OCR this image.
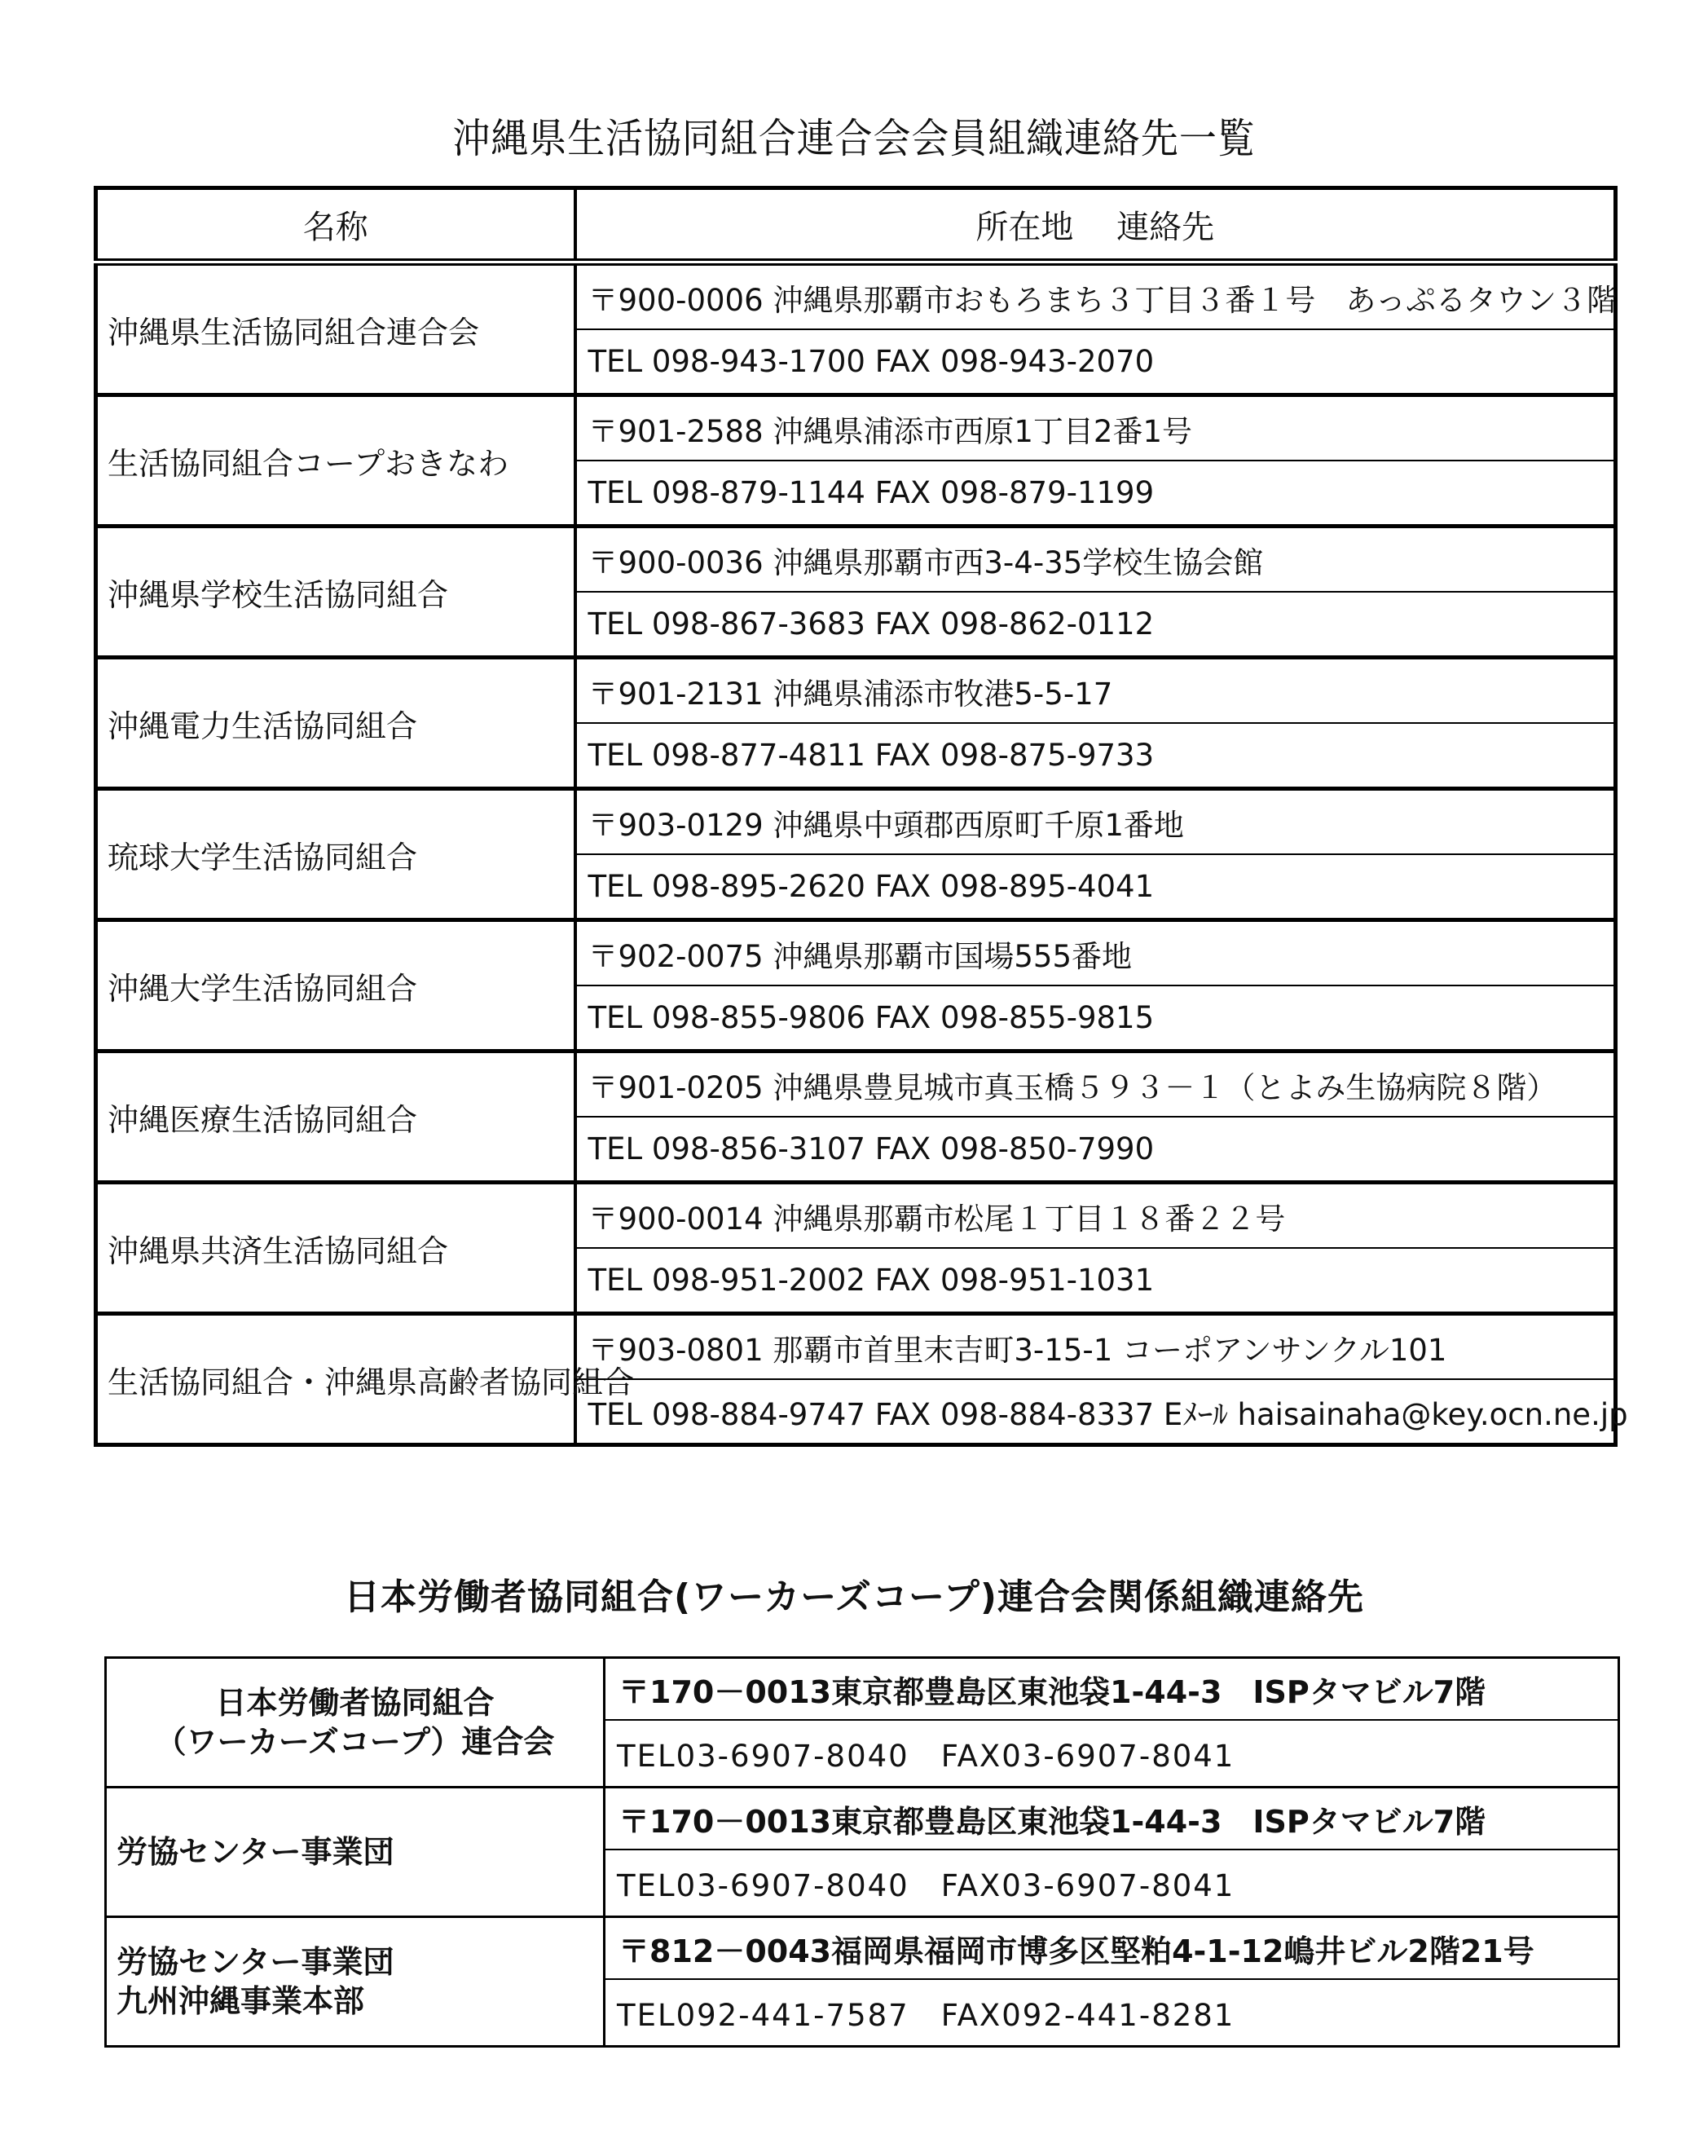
沖縄県生活協同組合連合会会員組織連絡先一覧
名称	所在地　 連絡先
沖縄県生活協同組合連合会	〒900-0006 沖縄県那覇市おもろまち３丁目３番１号　あっぷるタウン３階
	TEL 098-943-1700 FAX 098-943-2070
生活協同組合コープおきなわ	〒901-2588 沖縄県浦添市西原1丁目2番1号
	TEL 098-879-1144 FAX 098-879-1199
沖縄県学校生活協同組合	〒900-0036 沖縄県那覇市西3-4-35学校生協会館
	TEL 098-867-3683 FAX 098-862-0112
沖縄電力生活協同組合	〒901-2131 沖縄県浦添市牧港5-5-17
	TEL 098-877-4811 FAX 098-875-9733
琉球大学生活協同組合	〒903-0129 沖縄県中頭郡西原町千原1番地
	TEL 098-895-2620 FAX 098-895-4041
沖縄大学生活協同組合	〒902-0075 沖縄県那覇市国場555番地
	TEL 098-855-9806 FAX 098-855-9815
沖縄医療生活協同組合	〒901-0205 沖縄県豊見城市真玉橋５９３－１（とよみ生協病院８階）
	TEL 098-856-3107 FAX 098-850-7990
沖縄県共済生活協同組合	〒900-0014 沖縄県那覇市松尾１丁目１８番２２号
	TEL 098-951-2002 FAX 098-951-1031
生活協同組合・沖縄県高齢者協同組合	〒903-0801 那覇市首里末吉町3-15-1 コーポアンサンクル101
	TEL 098-884-9747 FAX 098-884-8337 Eﾒｰﾙ haisainaha@key.ocn.ne.jp
日本労働者協同組合(ワーカーズコープ)連合会関係組織連絡先
日本労働者協同組合
（ワーカーズコープ）連合会	〒170－0013東京都豊島区東池袋1-44-3　ISPタマビル7階
	TEL03-6907-8040　FAX03-6907-8041

労協センター事業団	〒170－0013東京都豊島区東池袋1-44-3　ISPタマビル7階
	TEL03-6907-8040　FAX03-6907-8041

労協センター事業団
九州沖縄事業本部	〒812－0043福岡県福岡市博多区堅粕4-1-12嶋井ビル2階21号
	TEL092-441-7587　FAX092-441-8281
